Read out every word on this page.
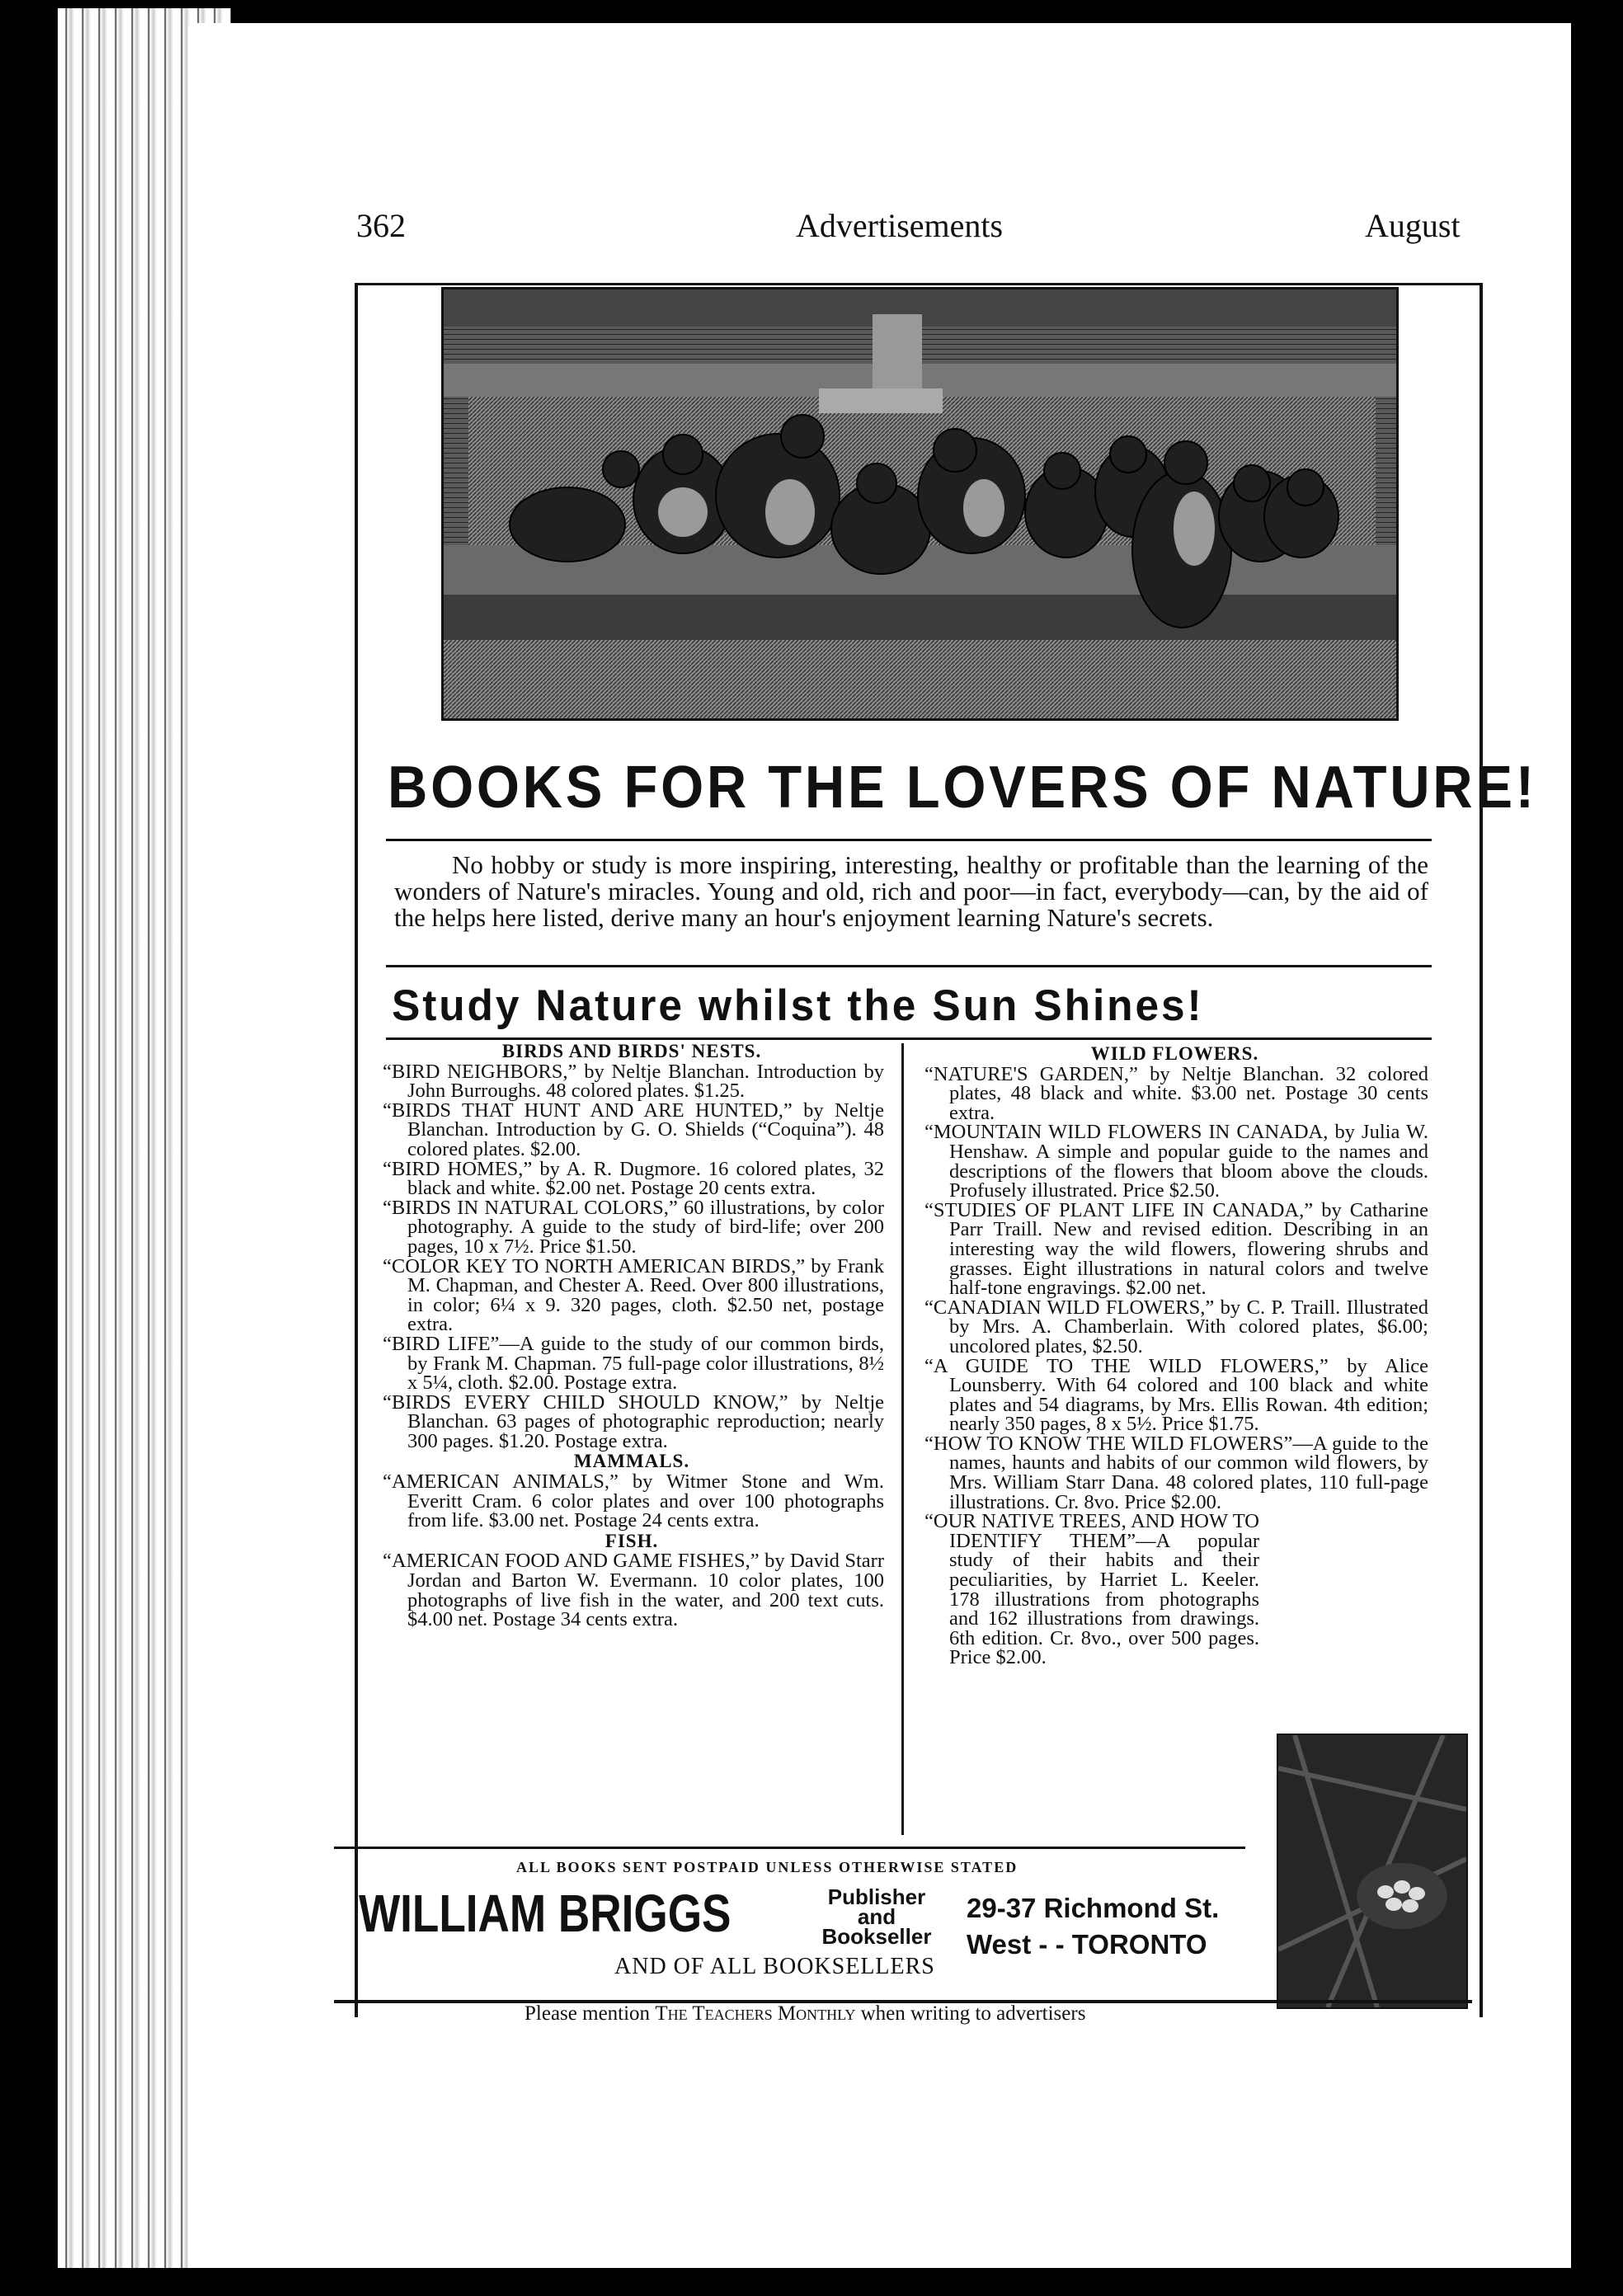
362	Advertisements	August
BOOKS FOR THE LOVERS OF NATURE!
No hobby or study is more inspiring, interesting, healthy or profitable than the learning of the wonders of Nature's miracles. Young and old, rich and poor—in fact, everybody—can, by the aid of the helps here listed, derive many an hour's enjoyment learning Nature's secrets.
Study Nature whilst the Sun Shines!
BIRDS AND BIRDS' NESTS.

“BIRD NEIGHBORS,” by Neltje Blanchan. Introduction by John Burroughs. 48 colored plates. $1.25.

“BIRDS THAT HUNT AND ARE HUNTED,” by Neltje Blanchan. Introduction by G. O. Shields (“Coquina”). 48 colored plates. $2.00.

“BIRD HOMES,” by A. R. Dugmore. 16 colored plates, 32 black and white. $2.00 net. Postage 20 cents extra.

“BIRDS IN NATURAL COLORS,” 60 illustrations, by color photography. A guide to the study of bird-life; over 200 pages, 10 x 7½. Price $1.50.

“COLOR KEY TO NORTH AMERICAN BIRDS,” by Frank M. Chapman, and Chester A. Reed. Over 800 illustrations, in color; 6¼ x 9. 320 pages, cloth. $2.50 net, postage extra.

“BIRD LIFE”—A guide to the study of our common birds, by Frank M. Chapman. 75 full-page color illustrations, 8½ x 5¼, cloth. $2.00. Postage extra.

“BIRDS EVERY CHILD SHOULD KNOW,” by Neltje Blanchan. 63 pages of photographic reproduction; nearly 300 pages. $1.20. Postage extra.

MAMMALS.

“AMERICAN ANIMALS,” by Witmer Stone and Wm. Everitt Cram. 6 color plates and over 100 photographs from life. $3.00 net. Postage 24 cents extra.

FISH.

“AMERICAN FOOD AND GAME FISHES,” by David Starr Jordan and Barton W. Evermann. 10 color plates, 100 photographs of live fish in the water, and 200 text cuts. $4.00 net. Postage 34 cents extra.

WILD FLOWERS.

“NATURE'S GARDEN,” by Neltje Blanchan. 32 colored plates, 48 black and white. $3.00 net. Postage 30 cents extra.

“MOUNTAIN WILD FLOWERS IN CANADA, by Julia W. Henshaw. A simple and popular guide to the names and descriptions of the flowers that bloom above the clouds. Profusely illustrated. Price $2.50.

“STUDIES OF PLANT LIFE IN CANADA,” by Catharine Parr Traill. New and revised edition. Describing in an interesting way the wild flowers, flowering shrubs and grasses. Eight illustrations in natural colors and twelve half-tone engravings. $2.00 net.

“CANADIAN WILD FLOWERS,” by C. P. Traill. Illustrated by Mrs. A. Chamberlain. With colored plates, $6.00; uncolored plates, $2.50.

“A GUIDE TO THE WILD FLOWERS,” by Alice Lounsberry. With 64 colored and 100 black and white plates and 54 diagrams, by Mrs. Ellis Rowan. 4th edition; nearly 350 pages, 8 x 5½. Price $1.75.

“HOW TO KNOW THE WILD FLOWERS”—A guide to the names, haunts and habits of our common wild flowers, by Mrs. William Starr Dana. 48 colored plates, 110 full-page illustrations. Cr. 8vo. Price $2.00.

“OUR NATIVE TREES, AND HOW TO IDENTIFY THEM”—A popular study of their habits and their peculiarities, by Harriet L. Keeler. 178 illustrations from photographs and 162 illustrations from drawings. 6th edition. Cr. 8vo., over 500 pages. Price $2.00.

ALL BOOKS SENT POSTPAID UNLESS OTHERWISE STATED
WILLIAM BRIGGS	Publisher
and
Bookseller
29-37 Richmond St.
West - - TORONTO
AND OF ALL BOOKSELLERS
Please mention The Teachers Monthly when writing to advertisers
